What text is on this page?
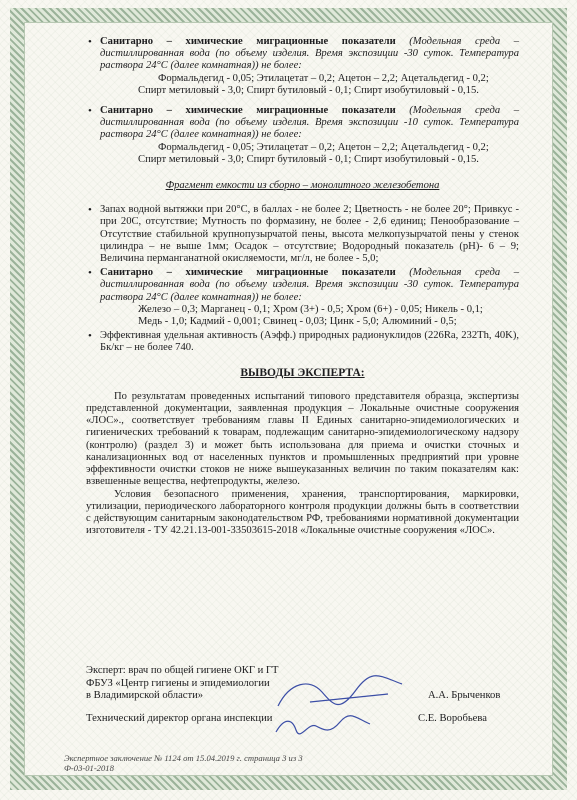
• Санитарно – химические миграционные показатели (Модельная среда – дистиллированная вода (по объему изделия. Время экспозиции -30 суток. Температура раствора 24°С (далее комнатная)) не более:
Формальдегид - 0,05; Этилацетат – 0,2; Ацетон – 2,2; Ацетальдегид - 0,2;
Спирт метиловый - 3,0; Спирт бутиловый - 0,1; Спирт изобутиловый - 0,15.
• Санитарно – химические миграционные показатели (Модельная среда – дистиллированная вода (по объему изделия. Время экспозиции -10 суток. Температура раствора 24°С (далее комнатная)) не более:
Формальдегид - 0,05; Этилацетат – 0,2; Ацетон – 2,2; Ацетальдегид - 0,2;
Спирт метиловый - 3,0; Спирт бутиловый - 0,1; Спирт изобутиловый - 0,15.
Фрагмент емкости из сборно – монолитного железобетона
• Запах водной вытяжки при 20°С, в баллах - не более 2; Цветность - не более 20°; Привкус - при 20С, отсутствие; Мутность по формазину, не более - 2,6 единиц; Пенообразование – Отсутствие стабильной крупнопузырчатой пены, высота мелкопузырчатой пены у стенок цилиндра – не выше 1мм; Осадок – отсутствие; Водородный показатель (рН)- 6 – 9; Величина перманганатной окисляемости, мг/л, не более - 5,0;
• Санитарно – химические миграционные показатели (Модельная среда – дистиллированная вода (по объему изделия. Время экспозиции -30 суток. Температура раствора 24°С (далее комнатная)) не более:
Железо – 0,3; Марганец - 0,1; Хром (3+) - 0,5; Хром (6+) - 0,05; Никель - 0,1;
Медь - 1,0; Кадмий - 0,001; Свинец - 0,03; Цинк - 5,0; Алюминий - 0,5;
• Эффективная удельная активность (Аэфф.) природных радионуклидов (226Ra, 232Th, 40K), Бк/кг – не более 740.
ВЫВОДЫ ЭКСПЕРТА:

По результатам проведенных испытаний типового представителя образца, экспертизы представленной документации, заявленная продукция – Локальные очистные сооружения «ЛОС»., соответствует требованиям главы II Единых санитарно-эпидемиологических и гигиенических требований к товарам, подлежащим санитарно-эпидемиологическому надзору (контролю) (раздел 3) и может быть использована для приема и очистки сточных и канализационных вод от населенных пунктов и промышленных предприятий при уровне эффективности очистки стоков не ниже вышеуказанных величин по таким показателям как: взвешенные вещества, нефтепродукты, железо.

Условия безопасного применения, хранения, транспортирования, маркировки, утилизации, периодического лабораторного контроля продукции должны быть в соответствии с действующим санитарным законодательством РФ, требованиями нормативной документации изготовителя - ТУ 42.21.13-001-33503615-2018 «Локальные очистные сооружения «ЛОС».

Эксперт: врач по общей гигиене ОКГ и ГТ
ФБУЗ «Центр гигиены и эпидемиологии
в Владимирской области»	А.А. Брыченков
Технический директор органа инспекции	С.Е. Воробьева
Экспертное заключение № 1124 от 15.04.2019 г. страница 3 из 3
Ф-03-01-2018
